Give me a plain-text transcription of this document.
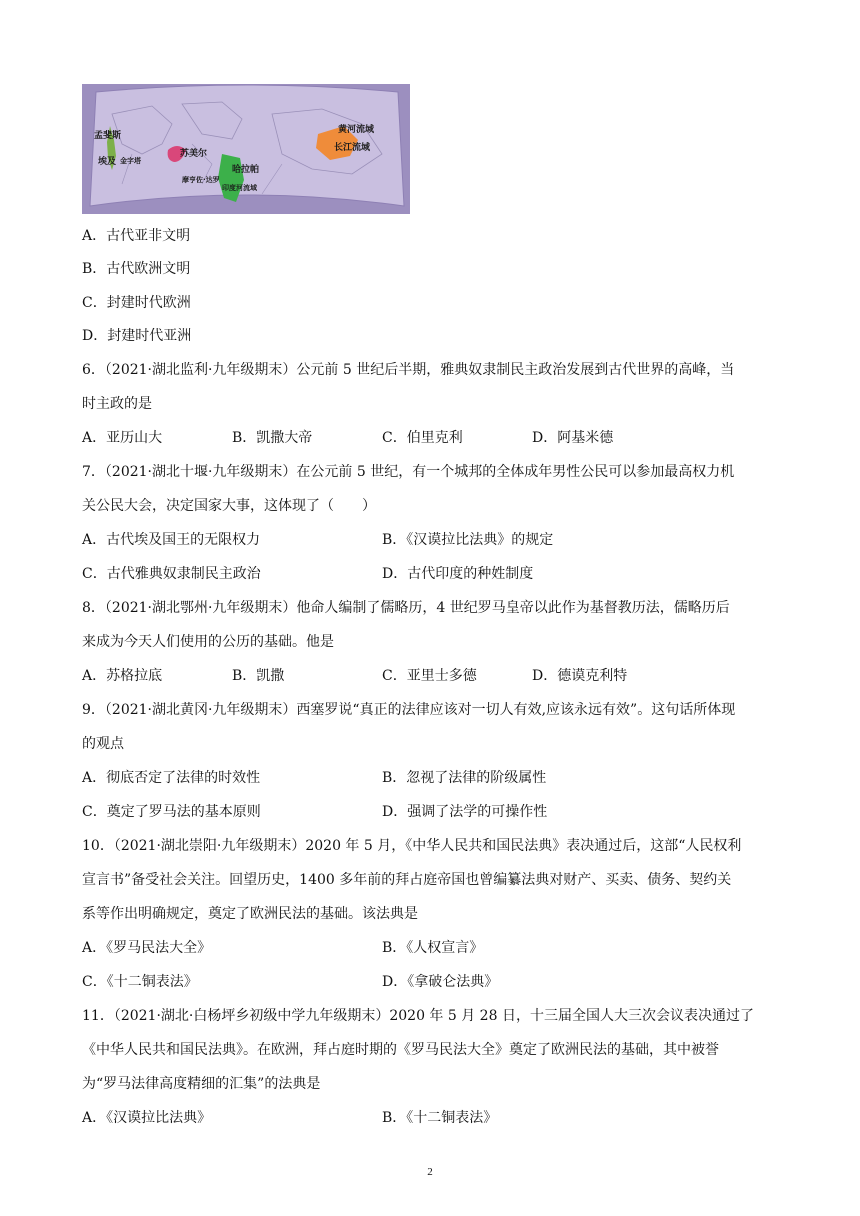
孟斐斯
埃及 金字塔
苏美尔
哈拉帕
摩亨佐·达罗
印度河流域
黄河流域
长江流域
A．古代亚非文明
B．古代欧洲文明
C．封建时代欧洲
D．封建时代亚洲
6．（2021·湖北监利·九年级期末）公元前 5 世纪后半期，雅典奴隶制民主政治发展到古代世界的高峰，当
时主政的是
A．亚历山大	B．凯撒大帝	C．伯里克利	D．阿基米德
7．（2021·湖北十堰·九年级期末）在公元前 5 世纪，有一个城邦的全体成年男性公民可以参加最高权力机
关公民大会，决定国家大事，这体现了（　　）
A．古代埃及国王的无限权力	B．《汉谟拉比法典》的规定
C．古代雅典奴隶制民主政治	D．古代印度的种姓制度
8．（2021·湖北鄂州·九年级期末）他命人编制了儒略历，4 世纪罗马皇帝以此作为基督教历法，儒略历后
来成为今天人们使用的公历的基础。他是
A．苏格拉底	B．凯撒	C．亚里士多德	D．德谟克利特
9．（2021·湖北黄冈·九年级期末）西塞罗说“真正的法律应该对一切人有效,应该永远有效”。这句话所体现
的观点
A．彻底否定了法律的时效性	B．忽视了法律的阶级属性
C．奠定了罗马法的基本原则	D．强调了法学的可操作性
10．（2021·湖北崇阳·九年级期末）2020 年 5 月，《中华人民共和国民法典》表决通过后，这部“人民权利
宣言书”备受社会关注。回望历史，1400 多年前的拜占庭帝国也曾编纂法典对财产、买卖、债务、契约关
系等作出明确规定，奠定了欧洲民法的基础。该法典是
A．《罗马民法大全》	B．《人权宣言》
C．《十二铜表法》	D．《拿破仑法典》
11．（2021·湖北·白杨坪乡初级中学九年级期末）2020 年 5 月 28 日，十三届全国人大三次会议表决通过了
《中华人民共和国民法典》。在欧洲，拜占庭时期的《罗马民法大全》奠定了欧洲民法的基础，其中被誉
为“罗马法律高度精细的汇集”的法典是
A．《汉谟拉比法典》	B．《十二铜表法》
2
